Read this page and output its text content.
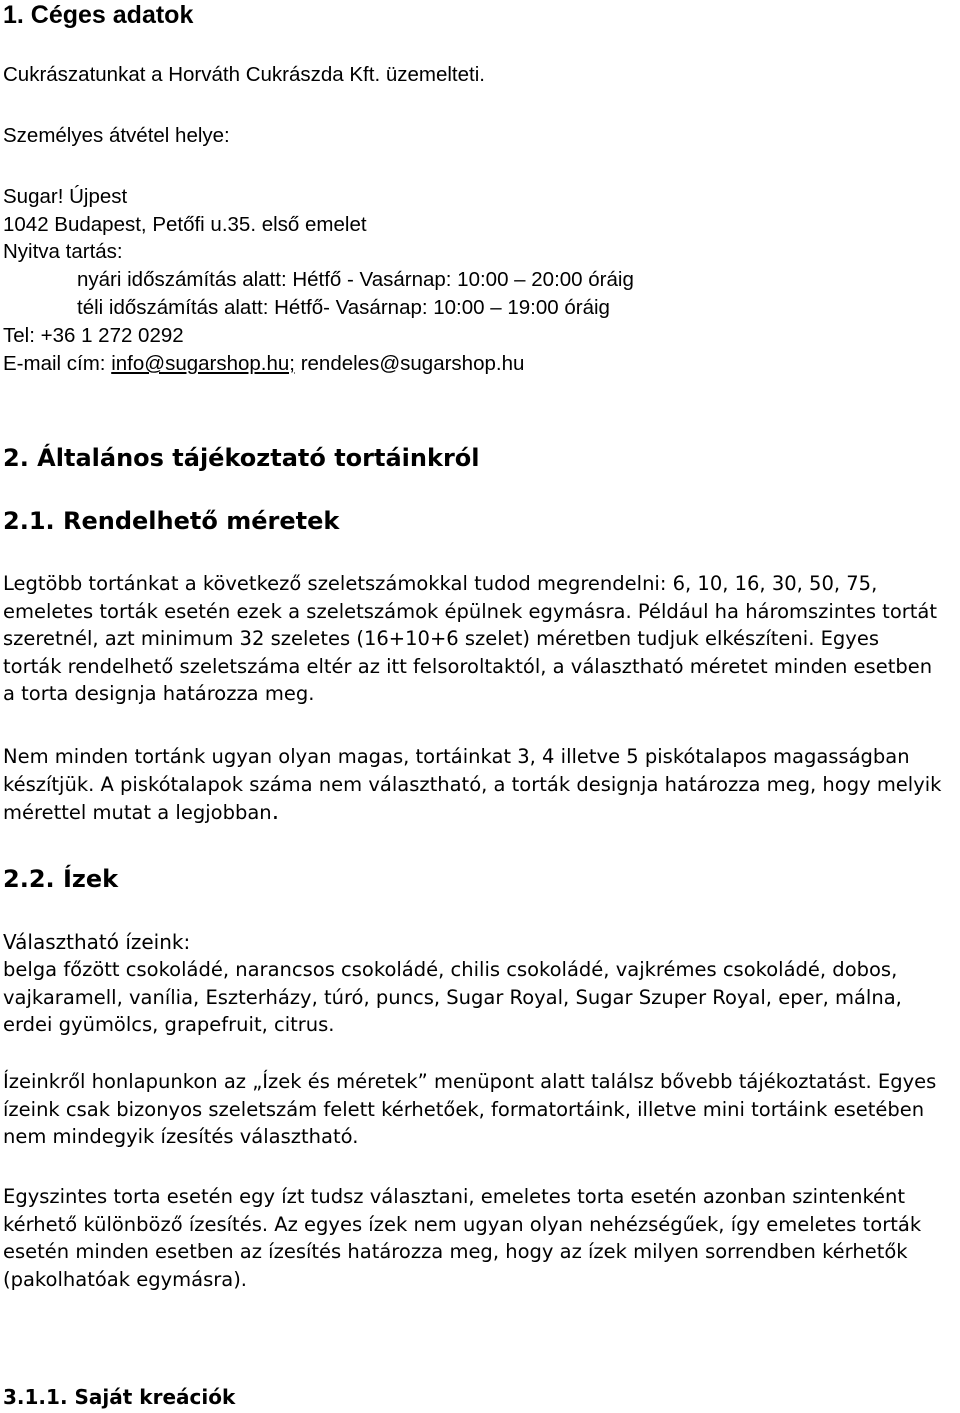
1. Céges adatok

Cukrászatunkat a Horváth Cukrászda Kft. üzemelteti.

Személyes átvétel helye:

Sugar! Újpest

1042 Budapest, Petőfi u.35. első emelet

Nyitva tartás:

nyári időszámítás alatt: Hétfő - Vasárnap: 10:00 – 20:00 óráig

téli időszámítás alatt: Hétfő- Vasárnap: 10:00 – 19:00 óráig

Tel: +36 1 272 0292

E-mail cím: info@sugarshop.hu; rendeles@sugarshop.hu

2. Általános tájékoztató tortáinkról
2.1. Rendelhető méretek

Legtöbb tortánkat a következő szeletszámokkal tudod megrendelni: 6, 10, 16, 30, 50, 75, emeletes torták esetén ezek a szeletszámok épülnek egymásra. Például ha háromszintes tortát szeretnél, azt minimum 32 szeletes (16+10+6 szelet) méretben tudjuk elkészíteni. Egyes torták rendelhető szeletszáma eltér az itt felsoroltaktól, a választható méretet minden esetben a torta designja határozza meg.

Nem minden tortánk ugyan olyan magas, tortáinkat 3, 4 illetve 5 piskótalapos magasságban készítjük. A piskótalapok száma nem választható, a torták designja határozza meg, hogy melyik mérettel mutat a legjobban.

2.2. Ízek

Választható ízeink:

belga főzött csokoládé, narancsos csokoládé, chilis csokoládé, vajkrémes csokoládé, dobos, vajkaramell, vanília, Eszterházy, túró, puncs, Sugar Royal, Sugar Szuper Royal, eper, málna, erdei gyümölcs, grapefruit, citrus.

Ízeinkről honlapunkon az „Ízek és méretek” menüpont alatt találsz bővebb tájékoztatást. Egyes ízeink csak bizonyos szeletszám felett kérhetőek, formatortáink, illetve mini tortáink esetében nem mindegyik ízesítés választható.

Egyszintes torta esetén egy ízt tudsz választani, emeletes torta esetén azonban szintenként kérhető különböző ízesítés. Az egyes ízek nem ugyan olyan nehézségűek, így emeletes torták esetén minden esetben az ízesítés határozza meg, hogy az ízek milyen sorrendben kérhetők (pakolhatóak egymásra).

3.1.1. Saját kreációk
